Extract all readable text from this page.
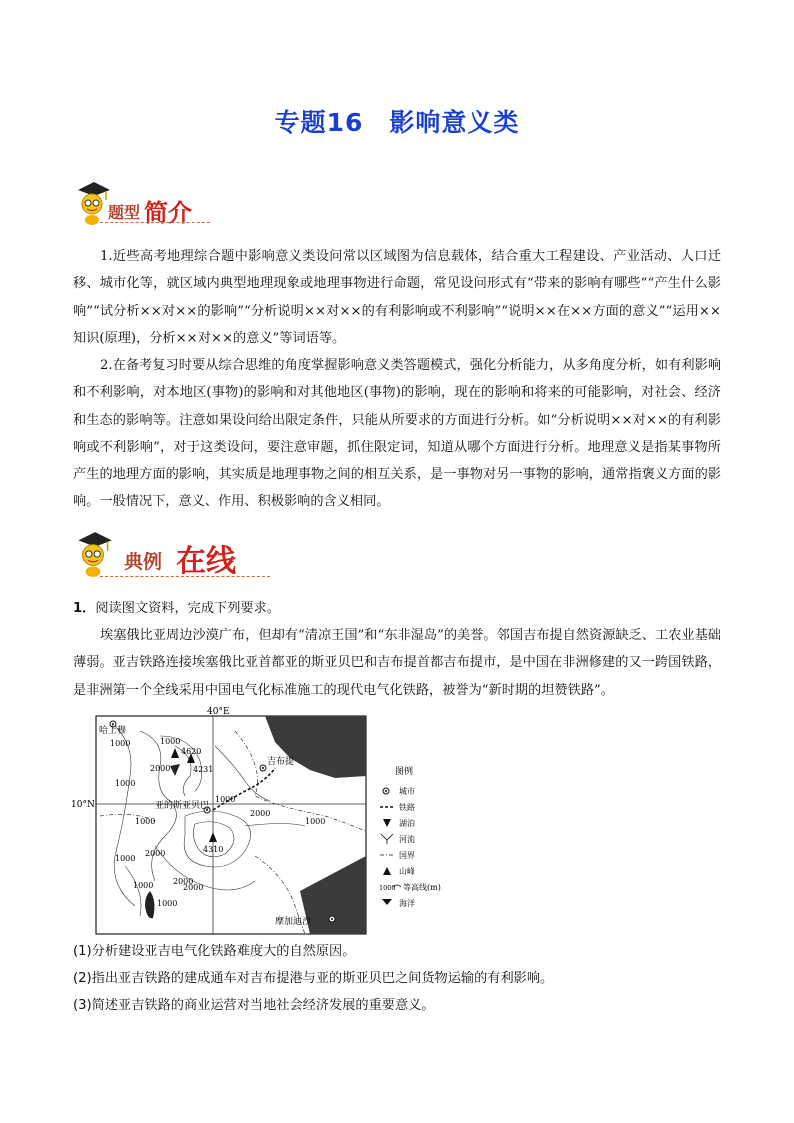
专题16　影响意义类
题型 简介

1.近些高考地理综合题中影响意义类设问常以区域图为信息载体，结合重大工程建设、产业活动、人口迁移、城市化等，就区域内典型地理现象或地理事物进行命题，常见设问形式有“带来的影响有哪些”“产生什么影响”“试分析××对××的影响”“分析说明××对××的有利影响或不利影响”“说明××在××方面的意义”“运用××知识(原理)，分析××对××的意义”等词语等。

2.在备考复习时要从综合思维的角度掌握影响意义类答题模式，强化分析能力，从多角度分析，如有利影响和不利影响，对本地区(事物)的影响和对其他地区(事物)的影响，现在的影响和将来的可能影响，对社会、经济和生态的影响等。注意如果设问给出限定条件，只能从所要求的方面进行分析。如“分析说明××对××的有利影响或不利影响”，对于这类设问，要注意审题，抓住限定词，知道从哪个方面进行分析。地理意义是指某事物所产生的地理方面的影响，其实质是地理事物之间的相互关系，是一事物对另一事物的影响，通常指褒义方面的影响。一般情况下，意义、作用、积极影响的含义相同。

典例 在线

1．阅读图文资料，完成下列要求。

埃塞俄比亚周边沙漠广布，但却有“清凉王国”和“东非湿岛”的美誉。邻国吉布提自然资源缺乏、工农业基础薄弱。亚吉铁路连接埃塞俄比亚首都亚的斯亚贝巴和吉布提首都吉布提市，是中国在非洲修建的又一跨国铁路，是非洲第一个全线采用中国电气化标准施工的现代电气化铁路，被誉为“新时期的坦赞铁路”。

40°E
10°N
哈上穆
吉布提
亚的斯亚贝巴
摩加迪沙
4620
4231
4310
1000	1000
2000
1000
2000
1000
2000
1000
2000
1000
1000
2000
1000
1000
图例
城市
铁路
湖泊
河流
国界
山峰
1000 等高线(m)
海洋
(1)分析建设亚吉电气化铁路难度大的自然原因。
(2)指出亚吉铁路的建成通车对吉布提港与亚的斯亚贝巴之间货物运输的有利影响。
(3)简述亚吉铁路的商业运营对当地社会经济发展的重要意义。
